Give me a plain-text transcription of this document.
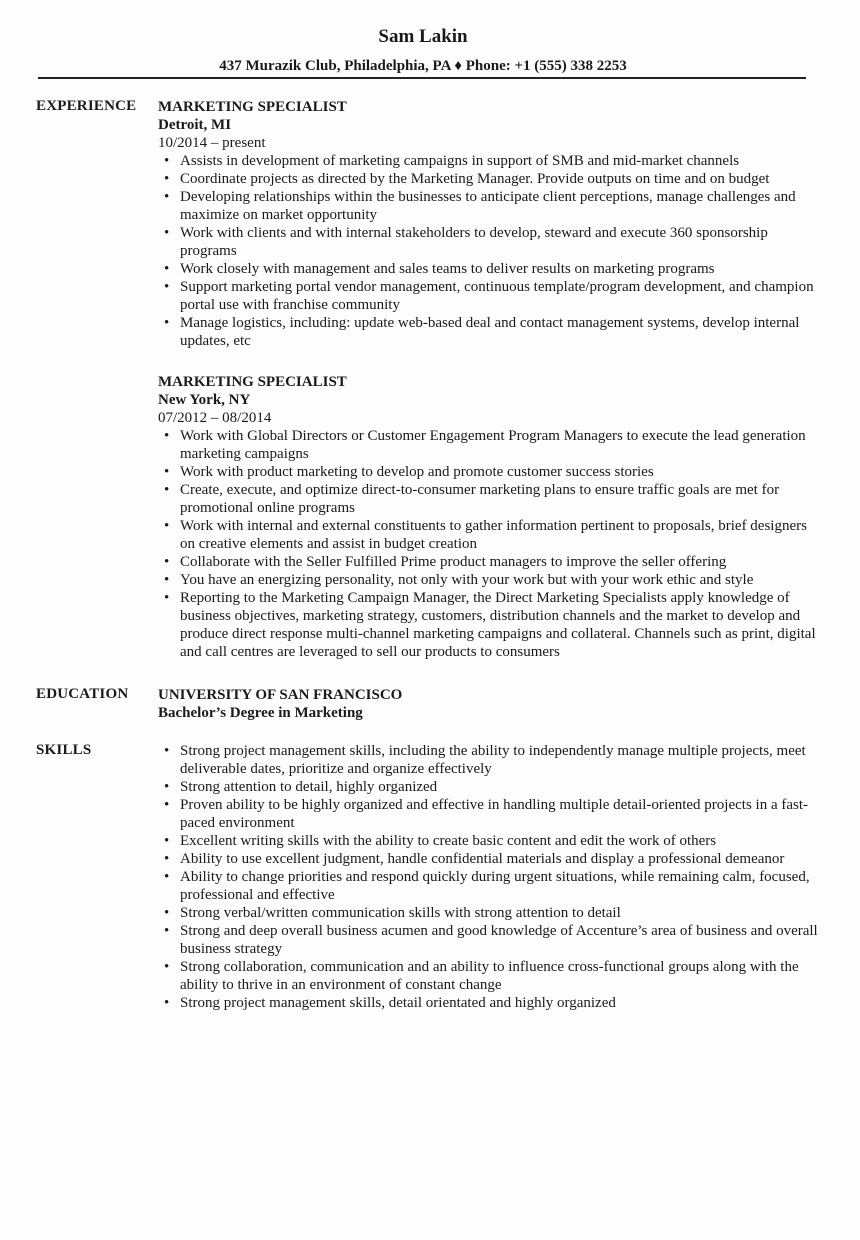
Sam Lakin
437 Murazik Club, Philadelphia, PA ♦ Phone: +1 (555) 338 2253
EXPERIENCE MARKETING SPECIALIST
Detroit, MI
10/2014 – present
• Assists in development of marketing campaigns in support of SMB and mid-market channels
• Coordinate projects as directed by the Marketing Manager. Provide outputs on time and on budget
• Developing relationships within the businesses to anticipate client perceptions, manage challenges and maximize on market opportunity
• Work with clients and with internal stakeholders to develop, steward and execute 360 sponsorship programs
• Work closely with management and sales teams to deliver results on marketing programs
• Support marketing portal vendor management, continuous template/program development, and champion portal use with franchise community
• Manage logistics, including: update web-based deal and contact management systems, develop internal updates, etc
MARKETING SPECIALIST
New York, NY
07/2012 – 08/2014
• Work with Global Directors or Customer Engagement Program Managers to execute the lead generation marketing campaigns
• Work with product marketing to develop and promote customer success stories
• Create, execute, and optimize direct-to-consumer marketing plans to ensure traffic goals are met for promotional online programs
• Work with internal and external constituents to gather information pertinent to proposals, brief designers on creative elements and assist in budget creation
• Collaborate with the Seller Fulfilled Prime product managers to improve the seller offering
• You have an energizing personality, not only with your work but with your work ethic and style
• Reporting to the Marketing Campaign Manager, the Direct Marketing Specialists apply knowledge of business objectives, marketing strategy, customers, distribution channels and the market to develop and produce direct response multi-channel marketing campaigns and collateral. Channels such as print, digital and call centres are leveraged to sell our products to consumers
EDUCATION UNIVERSITY OF SAN FRANCISCO
Bachelor’s Degree in Marketing
SKILLS
•	Strong project management skills, including the ability to independently manage multiple projects, meet deliverable dates, prioritize and organize effectively
• Strong attention to detail, highly organized
• Proven ability to be highly organized and effective in handling multiple detail-oriented projects in a fast-paced environment
• Excellent writing skills with the ability to create basic content and edit the work of others
• Ability to use excellent judgment, handle confidential materials and display a professional demeanor
• Ability to change priorities and respond quickly during urgent situations, while remaining calm, focused, professional and effective
• Strong verbal/written communication skills with strong attention to detail
• Strong and deep overall business acumen and good knowledge of Accenture’s area of business and overall business strategy
• Strong collaboration, communication and an ability to influence cross-functional groups along with the ability to thrive in an environment of constant change
• Strong project management skills, detail orientated and highly organized
